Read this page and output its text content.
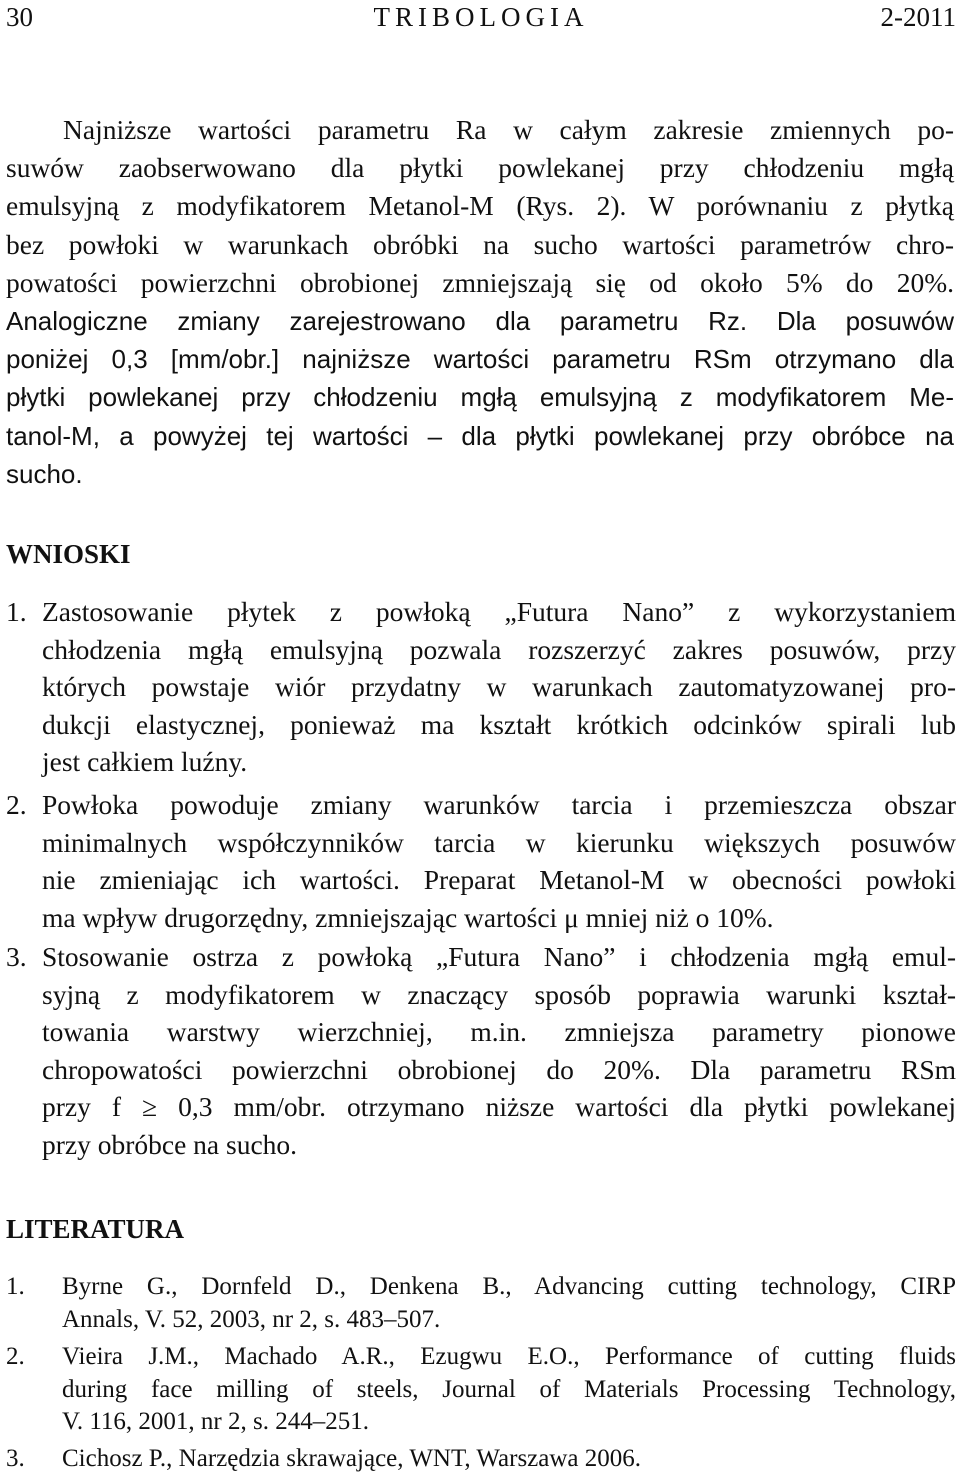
30	TRIBOLOGIA	2-2011
Najniższe wartości parametru Ra w całym zakresie zmiennych po-
suwów zaobserwowano dla płytki powlekanej przy chłodzeniu mgłą
emulsyjną z modyfikatorem Metanol-M (Rys. 2). W porównaniu z płytką
bez powłoki w warunkach obróbki na sucho wartości parametrów chro-
powatości powierzchni obrobionej zmniejszają się od około 5% do 20%.
Analogiczne zmiany zarejestrowano dla parametru Rz. Dla posuwów
poniżej 0,3 [mm/obr.] najniższe wartości parametru RSm otrzymano dla
płytki powlekanej przy chłodzeniu mgłą emulsyjną z modyfikatorem Me-
tanol-M, a powyżej tej wartości – dla płytki powlekanej przy obróbce na
sucho.
WNIOSKI
1. Zastosowanie płytek z powłoką „Futura Nano” z wykorzystaniem
chłodzenia mgłą emulsyjną pozwala rozszerzyć zakres posuwów, przy
których powstaje wiór przydatny w warunkach zautomatyzowanej pro-
dukcji elastycznej, ponieważ ma kształt krótkich odcinków spirali lub
jest całkiem luźny.
2. Powłoka powoduje zmiany warunków tarcia i przemieszcza obszar
minimalnych współczynników tarcia w kierunku większych posuwów
nie zmieniając ich wartości. Preparat Metanol-M w obecności powłoki
ma wpływ drugorzędny, zmniejszając wartości μ mniej niż o 10%.
3. Stosowanie ostrza z powłoką „Futura Nano” i chłodzenia mgłą emul-
syjną z modyfikatorem w znaczący sposób poprawia warunki kształ-
towania warstwy wierzchniej, m.in. zmniejsza parametry pionowe
chropowatości powierzchni obrobionej do 20%. Dla parametru RSm
przy f ≥ 0,3 mm/obr. otrzymano niższe wartości dla płytki powlekanej
przy obróbce na sucho.
LITERATURA
1. Byrne G., Dornfeld D., Denkena B., Advancing cutting technology, CIRP
Annals, V. 52, 2003, nr 2, s. 483–507.
2. Vieira J.M., Machado A.R., Ezugwu E.O., Performance of cutting fluids
during face milling of steels, Journal of Materials Processing Technology,
V. 116, 2001, nr 2, s. 244–251.
3. Cichosz P., Narzędzia skrawające, WNT, Warszawa 2006.
